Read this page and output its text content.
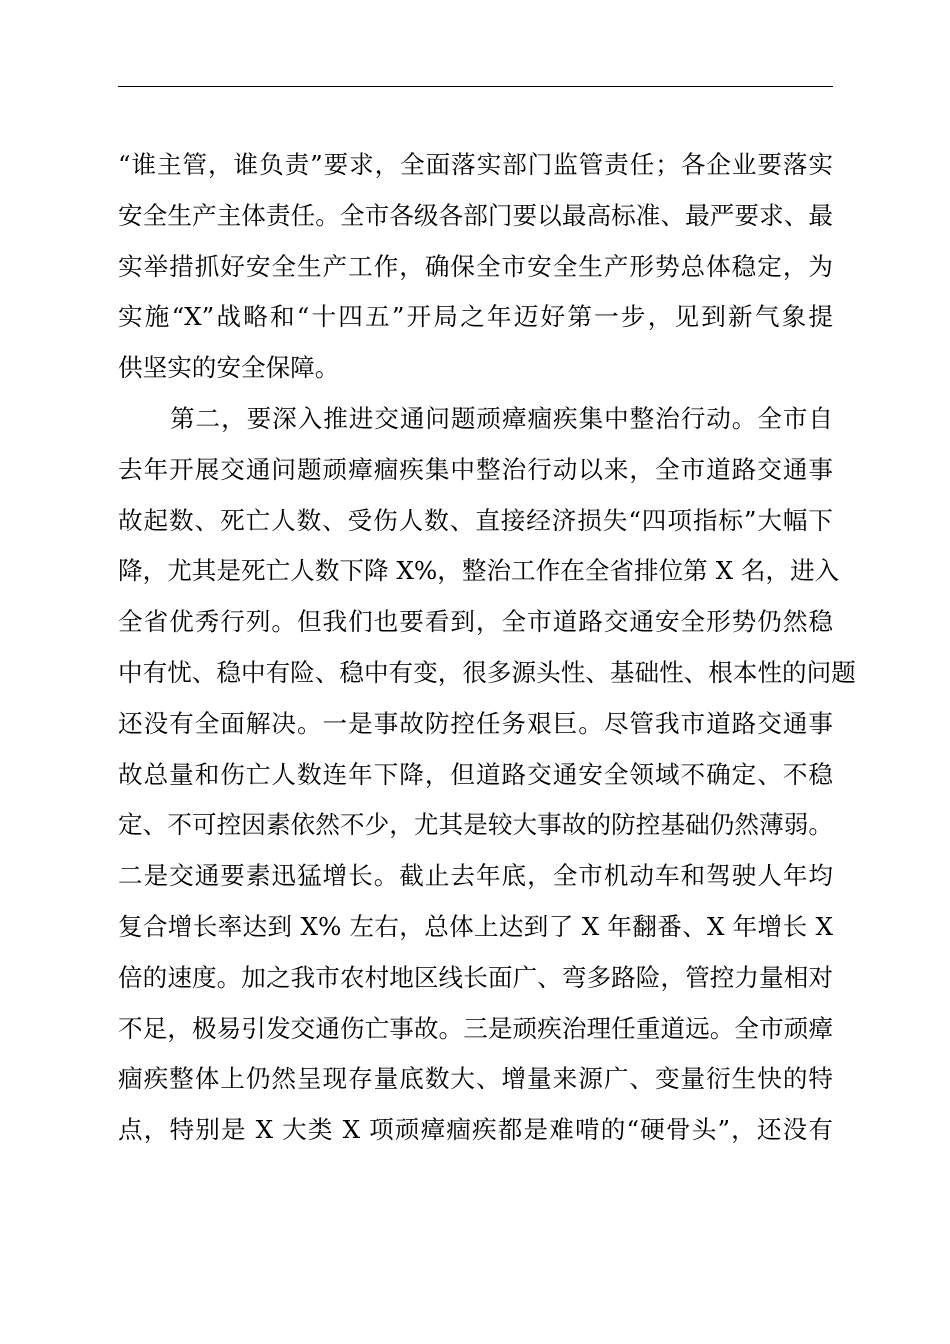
“谁主管，谁负责”要求，全面落实部门监管责任；各企业要落实
安全生产主体责任。全市各级各部门要以最高标准、最严要求、最
实举措抓好安全生产工作，确保全市安全生产形势总体稳定，为
实施“X”战略和“十四五”开局之年迈好第一步，见到新气象提
供坚实的安全保障。
第二，要深入推进交通问题顽瘴痼疾集中整治行动。全市自
去年开展交通问题顽瘴痼疾集中整治行动以来，全市道路交通事
故起数、死亡人数、受伤人数、直接经济损失“四项指标”大幅下
降，尤其是死亡人数下降 X%，整治工作在全省排位第 X 名，进入
全省优秀行列。但我们也要看到，全市道路交通安全形势仍然稳
中有忧、稳中有险、稳中有变，很多源头性、基础性、根本性的问题
还没有全面解决。一是事故防控任务艰巨。尽管我市道路交通事
故总量和伤亡人数连年下降，但道路交通安全领域不确定、不稳
定、不可控因素依然不少，尤其是较大事故的防控基础仍然薄弱。
二是交通要素迅猛增长。截止去年底，全市机动车和驾驶人年均
复合增长率达到 X% 左右，总体上达到了 X 年翻番、X 年增长 X
倍的速度。加之我市农村地区线长面广、弯多路险，管控力量相对
不足，极易引发交通伤亡事故。三是顽疾治理任重道远。全市顽瘴
痼疾整体上仍然呈现存量底数大、增量来源广、变量衍生快的特
点，特别是 X 大类 X 项顽瘴痼疾都是难啃的“硬骨头”，还没有
